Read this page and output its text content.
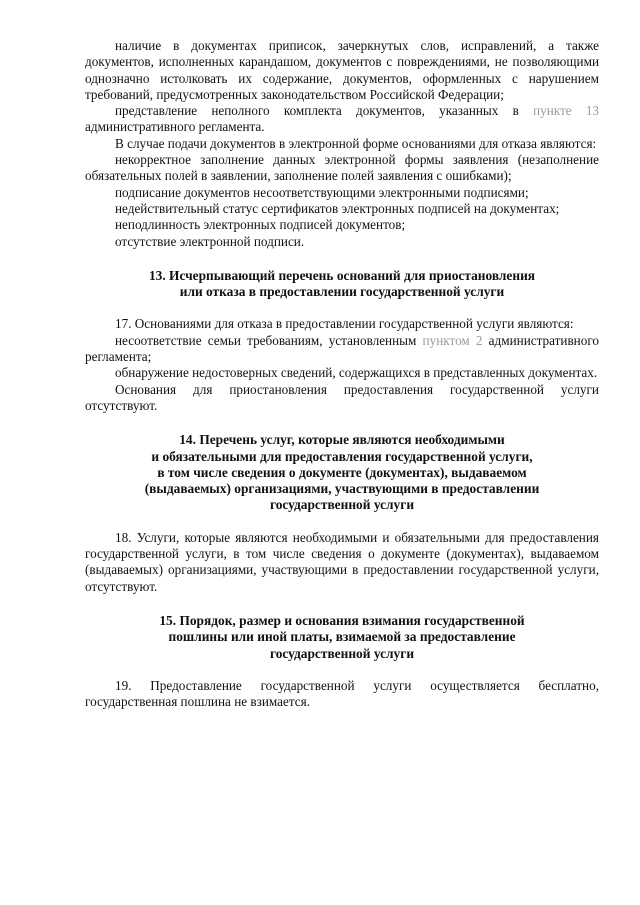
наличие в документах приписок, зачеркнутых слов, исправлений, а также документов, исполненных карандашом, документов с повреждениями, не позволяющими однозначно истолковать их содержание, документов, оформленных с нарушением требований, предусмотренных законодательством Российской Федерации;

представление неполного комплекта документов, указанных в пункте 13 административного регламента.

В случае подачи документов в электронной форме основаниями для отказа являются:

некорректное заполнение данных электронной формы заявления (незаполнение обязательных полей в заявлении, заполнение полей заявления с ошибками);

подписание документов несоответствующими электронными подписями;

недействительный статус сертификатов электронных подписей на документах;

неподлинность электронных подписей документов;

отсутствие электронной подписи.

13. Исчерпывающий перечень оснований для приостановления
или отказа в предоставлении государственной услуги

17. Основаниями для отказа в предоставлении государственной услуги являются:

несоответствие семьи требованиям, установленным пунктом 2 административного регламента;

обнаружение недостоверных сведений, содержащихся в представленных документах.

Основания для приостановления предоставления государственной услуги отсутствуют.

14. Перечень услуг, которые являются необходимыми
и обязательными для предоставления государственной услуги,
в том числе сведения о документе (документах), выдаваемом
(выдаваемых) организациями, участвующими в предоставлении
государственной услуги

18. Услуги, которые являются необходимыми и обязательными для предоставления государственной услуги, в том числе сведения о документе (документах), выдаваемом (выдаваемых) организациями, участвующими в предоставлении государственной услуги, отсутствуют.

15. Порядок, размер и основания взимания государственной
пошлины или иной платы, взимаемой за предоставление
государственной услуги

19. Предоставление государственной услуги осуществляется бесплатно, государственная пошлина не взимается.
